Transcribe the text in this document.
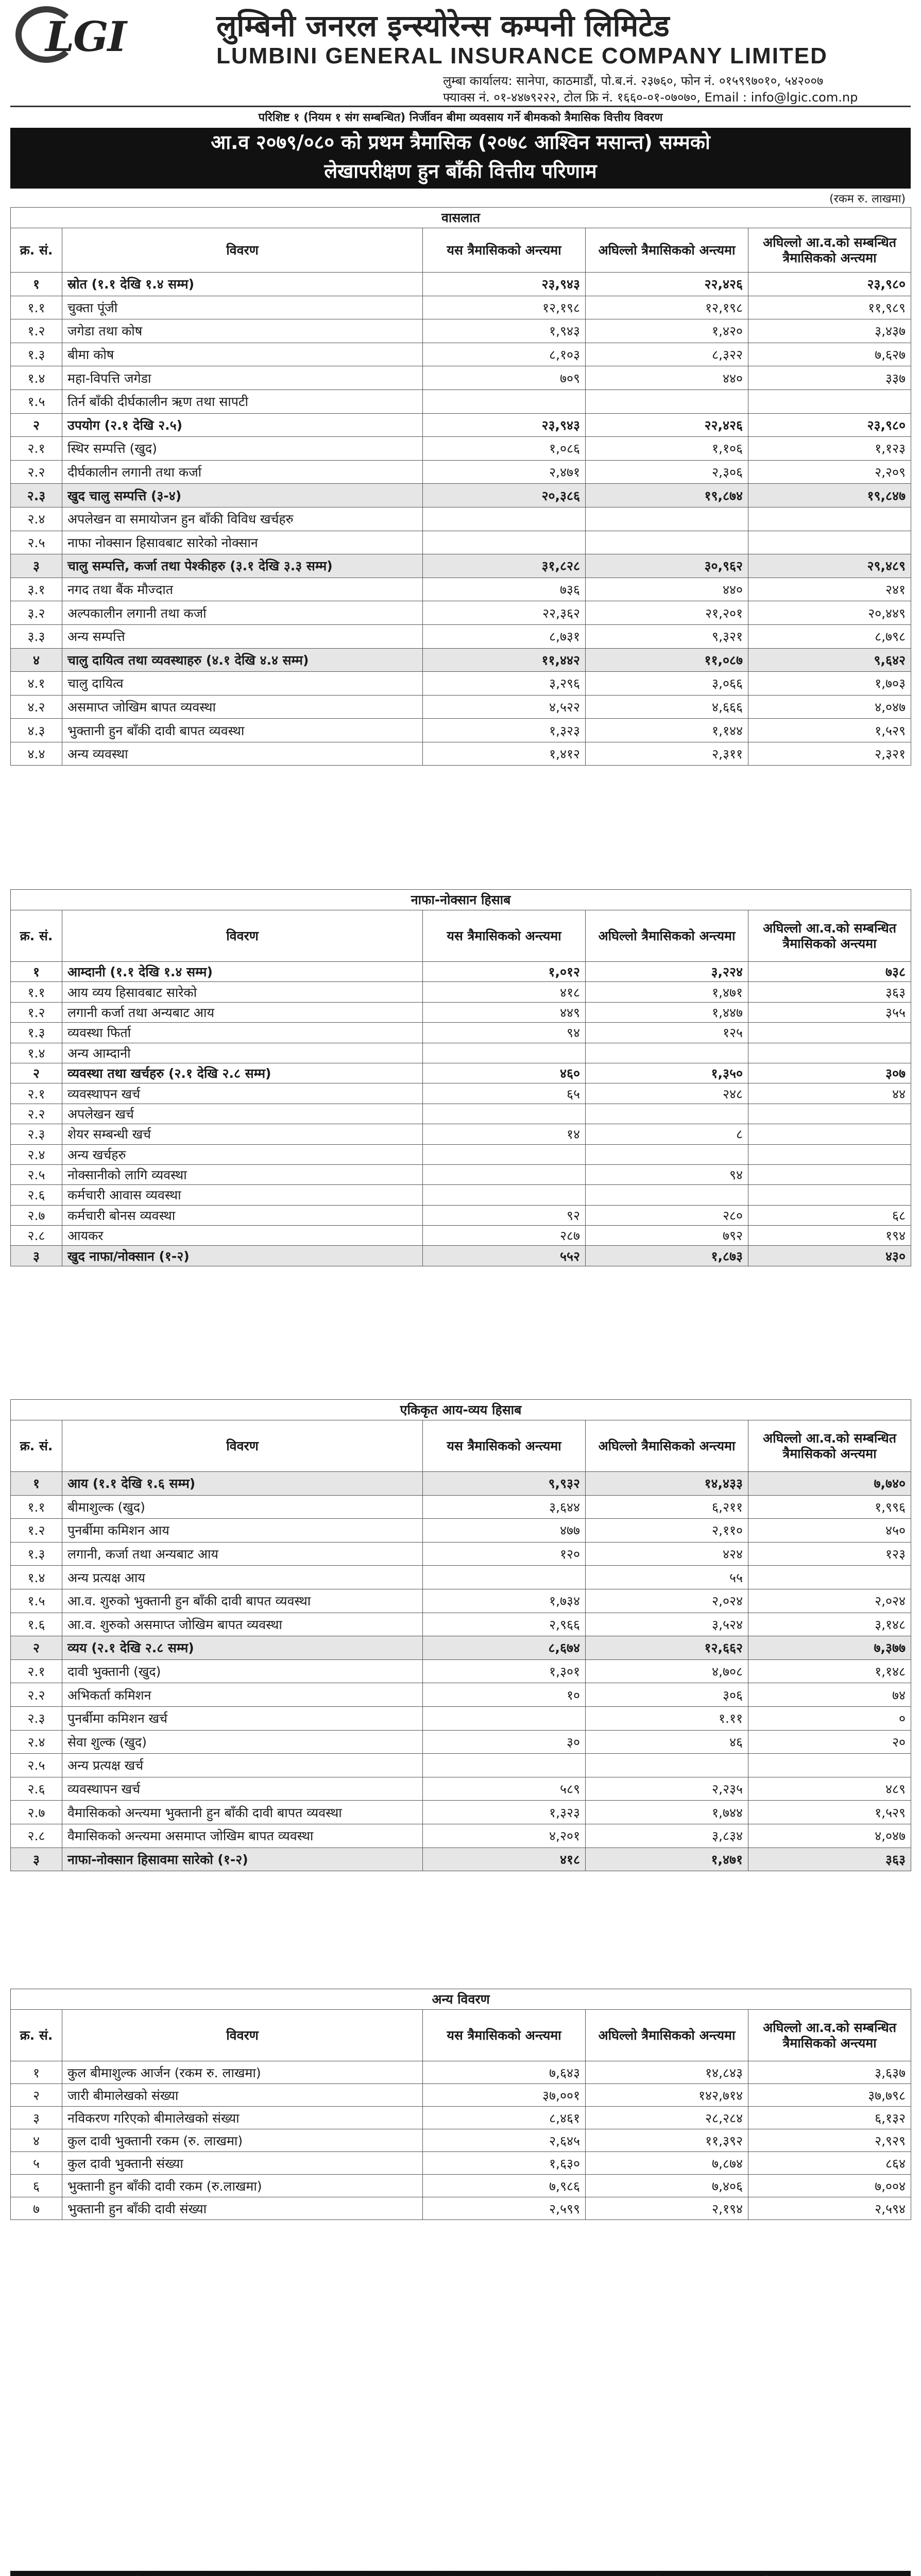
LGI	लुम्बिनी जनरल इन्स्योरेन्स कम्पनी लिमिटेड
LUMBINI GENERAL INSURANCE COMPANY LIMITED
लुम्बा कार्यालय: सानेपा, काठमाडौं, पो.ब.नं. २३७६०, फोन नं. ०१५९९७०१०, ५४२००७
फ्याक्स नं. ०१-४४७९२२२, टोल फ्रि नं. १६६०-०१-०७०७०, Email : info@lgic.com.np
परिशिष्ट १ (नियम १ संग सम्बन्धित) निर्जीवन बीमा व्यवसाय गर्ने बीमकको त्रैमासिक वित्तीय विवरण
आ.व २०७९/०८० को प्रथम त्रैमासिक (२०७८ आश्विन मसान्त) सम्मको
लेखापरीक्षण हुन बाँकी वित्तीय परिणाम
(रकम रु. लाखमा)
वासलात				
क्र. सं.	विवरण	यस त्रैमासिकको अन्त्यमा	अघिल्लो त्रैमासिकको अन्त्यमा	अघिल्लो आ.व.को सम्बन्धित त्रैमासिकको अन्त्यमा
१	स्रोत (१.१ देखि १.४ सम्म)	२३,९४३	२२,४२६	२३,९८०
१.१	चुक्ता पूंजी	१२,१९८	१२,१९८	११,९८९
१.२	जगेडा तथा कोष	१,९४३	१,४२०	३,४३७
१.३	बीमा कोष	८,१०३	८,३२२	७,६२७
१.४	महा-विपत्ति जगेडा	७०९	४४०	३३७
१.५	तिर्न बाँकी दीर्घकालीन ऋण तथा सापटी			
२	उपयोग (२.१ देखि २.५)	२३,९४३	२२,४२६	२३,९८०
२.१	स्थिर सम्पत्ति (खुद)	१,०८६	१,१०६	१,१२३
२.२	दीर्घकालीन लगानी तथा कर्जा	२,४७१	२,३०६	२,२०९
२.३	खुद चालु सम्पत्ति (३-४)	२०,३८६	१९,८७४	१९,८४७
२.४	अपलेखन वा समायोजन हुन बाँकी विविध खर्चहरु			
२.५	नाफा नोक्सान हिसावबाट सारेको नोक्सान			
३	चालु सम्पत्ति, कर्जा तथा पेश्कीहरु (३.१ देखि ३.३ सम्म)	३१,८२८	३०,९६२	२९,४८९
३.१	नगद तथा बैंक मौज्दात	७३६	४४०	२४१
३.२	अल्पकालीन लगानी तथा कर्जा	२२,३६२	२१,२०१	२०,४४९
३.३	अन्य सम्पत्ति	८,७३१	९,३२१	८,७९८
४	चालु दायित्व तथा व्यवस्थाहरु (४.१ देखि ४.४ सम्म)	११,४४२	११,०८७	९,६४२
४.१	चालु दायित्व	३,२९६	३,०६६	१,७०३
४.२	असमाप्त जोखिम बापत व्यवस्था	४,५२२	४,६६६	४,०४७
४.३	भुक्तानी हुन बाँकी दावी बापत व्यवस्था	१,३२३	१,१४४	१,५२९
४.४	अन्य व्यवस्था	१,४१२	२,३११	२,३२१
नाफा-नोक्सान हिसाब				
क्र. सं.	विवरण	यस त्रैमासिकको अन्त्यमा	अघिल्लो त्रैमासिकको अन्त्यमा	अघिल्लो आ.व.को सम्बन्धित त्रैमासिकको अन्त्यमा
१	आम्दानी (१.१ देखि १.४ सम्म)	१,०१२	३,२२४	७३८
१.१	आय व्यय हिसावबाट सारेको	४१८	१,४७१	३६३
१.२	लगानी कर्जा तथा अन्यबाट आय	४४९	१,४४७	३५५
१.३	व्यवस्था फिर्ता	९४	१२५	
१.४	अन्य आम्दानी			
२	व्यवस्था तथा खर्चहरु (२.१ देखि २.८ सम्म)	४६०	१,३५०	३०७
२.१	व्यवस्थापन खर्च	६५	२४८	४४
२.२	अपलेखन खर्च			
२.३	शेयर सम्बन्धी खर्च	१४	८	
२.४	अन्य खर्चहरु			
२.५	नोक्सानीको लागि व्यवस्था		९४	
२.६	कर्मचारी आवास व्यवस्था			
२.७	कर्मचारी बोनस व्यवस्था	९२	२८०	६८
२.८	आयकर	२८७	७९२	१९४
३	खुद नाफा/नोक्सान (१-२)	५५२	१,८७३	४३०
एकिकृत आय-व्यय हिसाब				
क्र. सं.	विवरण	यस त्रैमासिकको अन्त्यमा	अघिल्लो त्रैमासिकको अन्त्यमा	अघिल्लो आ.व.को सम्बन्धित त्रैमासिकको अन्त्यमा
१	आय (१.१ देखि १.६ सम्म)	९,९३२	१४,४३३	७,७४०
१.१	बीमाशुल्क (खुद)	३,६४४	६,२११	१,९९६
१.२	पुनर्बीमा कमिशन आय	४७७	२,११०	४५०
१.३	लगानी, कर्जा तथा अन्यबाट आय	१२०	४२४	१२३
१.४	अन्य प्रत्यक्ष आय		५५	
१.५	आ.व. शुरुको भुक्तानी हुन बाँकी दावी बापत व्यवस्था	१,७३४	२,०२४	२,०२४
१.६	आ.व. शुरुको असमाप्त जोखिम बापत व्यवस्था	२,९६६	३,५२४	३,१४८
२	व्यय (२.१ देखि २.८ सम्म)	८,६७४	१२,६६२	७,३७७
२.१	दावी भुक्तानी (खुद)	१,३०१	४,७०८	१,१४८
२.२	अभिकर्ता कमिशन	१०	३०६	७४
२.३	पुनर्बीमा कमिशन खर्च		१.११	०
२.४	सेवा शुल्क (खुद)	३०	४६	२०
२.५	अन्य प्रत्यक्ष खर्च			
२.६	व्यवस्थापन खर्च	५८९	२,२३५	४८९
२.७	वैमासिकको अन्त्यमा भुक्तानी हुन बाँकी दावी बापत व्यवस्था	१,३२३	१,७४४	१,५२९
२.८	वैमासिकको अन्त्यमा असमाप्त जोखिम बापत व्यवस्था	४,२०१	३,८३४	४,०४७
३	नाफा-नोक्सान हिसावमा सारेको (१-२)	४१८	१,४७१	३६३
अन्य विवरण				
क्र. सं.	विवरण	यस त्रैमासिकको अन्त्यमा	अघिल्लो त्रैमासिकको अन्त्यमा	अघिल्लो आ.व.को सम्बन्धित त्रैमासिकको अन्त्यमा
१	कुल बीमाशुल्क आर्जन (रकम रु. लाखमा)	७,६४३	१४,८४३	३,६३७
२	जारी बीमालेखको संख्या	३७,००१	१४२,७१४	३७,७९८
३	नविकरण गरिएको बीमालेखको संख्या	८,४६१	२८,२८४	६,१३२
४	कुल दावी भुक्तानी रकम (रु. लाखमा)	२,६४५	११,३९२	२,९२९
५	कुल दावी भुक्तानी संख्या	१,६३०	७,८७४	८६४
६	भुक्तानी हुन बाँकी दावी रकम (रु.लाखमा)	७,९८६	७,४०६	७,००४
७	भुक्तानी हुन बाँकी दावी संख्या	२,५९९	२,१९४	२,५९४
